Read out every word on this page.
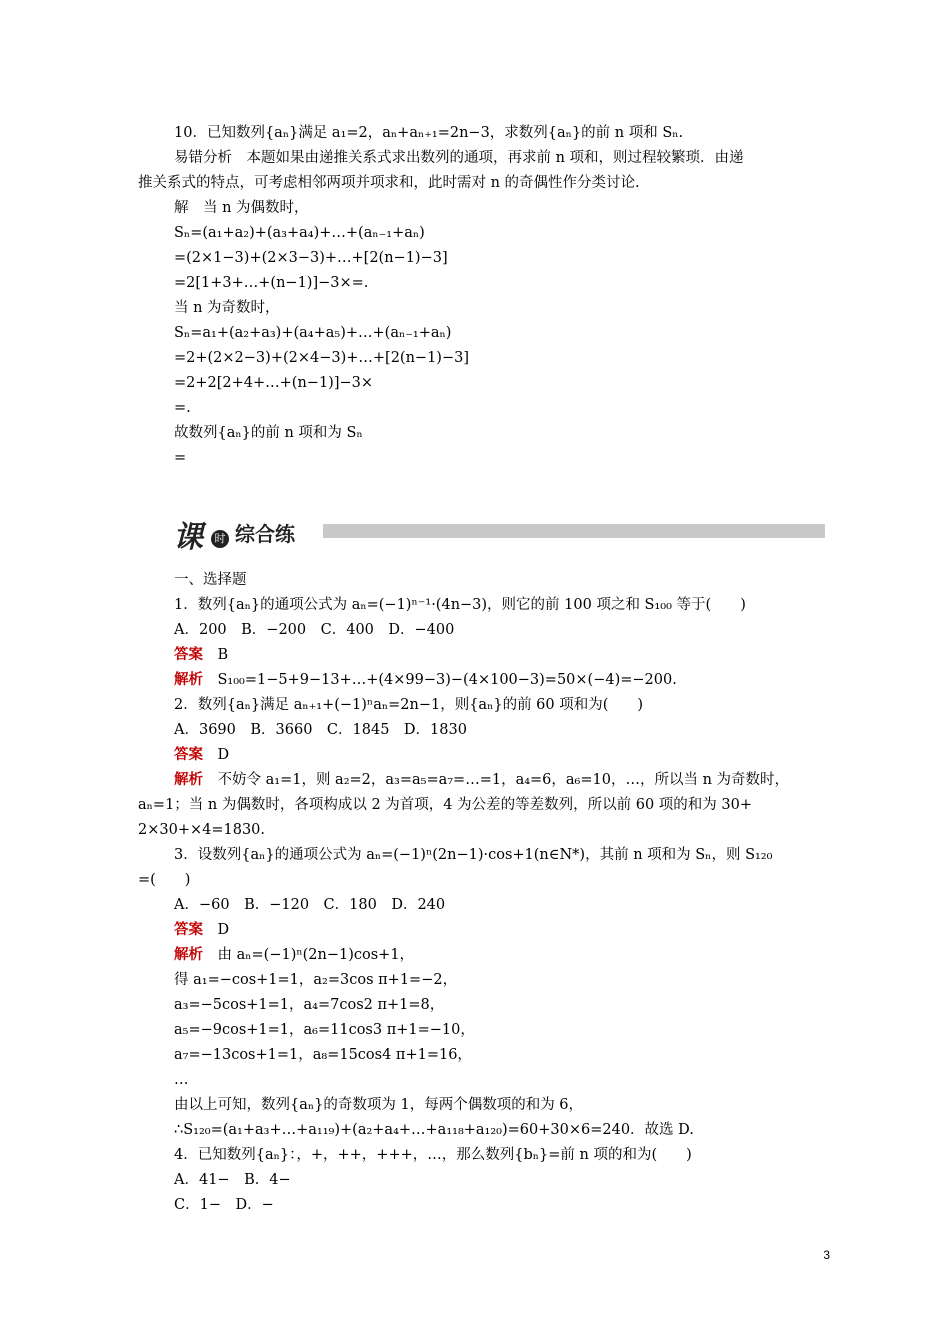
10．已知数列{aₙ}满足 a₁=2，aₙ+aₙ₊₁=2n−3，求数列{aₙ}的前 n 项和 Sₙ.
易错分析　本题如果由递推关系式求出数列的通项，再求前 n 项和，则过程较繁琐．由递
推关系式的特点，可考虑相邻两项并项求和，此时需对 n 的奇偶性作分类讨论.
解　当 n 为偶数时，
Sₙ=(a₁+a₂)+(a₃+a₄)+…+(aₙ₋₁+aₙ)
=(2×1−3)+(2×3−3)+…+[2(n−1)−3]
=2[1+3+…+(n−1)]−3×=.
当 n 为奇数时，
Sₙ=a₁+(a₂+a₃)+(a₄+a₅)+…+(aₙ₋₁+aₙ)
=2+(2×2−3)+(2×4−3)+…+[2(n−1)−3]
=2+2[2+4+…+(n−1)]−3×
=.
故数列{aₙ}的前 n 项和为 Sₙ
=
课	时 综合练
一、选择题
1．数列{aₙ}的通项公式为 aₙ=(−1)ⁿ⁻¹·(4n−3)，则它的前 100 项之和 S₁₀₀ 等于(　　)
A．200　B．−200　C．400　D．−400
答案　B
解析　S₁₀₀=1−5+9−13+…+(4×99−3)−(4×100−3)=50×(−4)=−200.
2．数列{aₙ}满足 aₙ₊₁+(−1)ⁿaₙ=2n−1，则{aₙ}的前 60 项和为(　　)
A．3690　B．3660　C．1845　D．1830
答案　D
解析　不妨令 a₁=1，则 a₂=2，a₃=a₅=a₇=…=1，a₄=6，a₆=10，…，所以当 n 为奇数时，
aₙ=1；当 n 为偶数时，各项构成以 2 为首项，4 为公差的等差数列，所以前 60 项的和为 30+
2×30+×4=1830.
3．设数列{aₙ}的通项公式为 aₙ=(−1)ⁿ(2n−1)·cos+1(n∈N*)，其前 n 项和为 Sₙ，则 S₁₂₀
=(　　)
A．−60　B．−120　C．180　D．240
答案　D
解析　由 aₙ=(−1)ⁿ(2n−1)cos+1，
得 a₁=−cos+1=1，a₂=3cos π+1=−2，
a₃=−5cos+1=1，a₄=7cos2 π+1=8，
a₅=−9cos+1=1，a₆=11cos3 π+1=−10，
a₇=−13cos+1=1，a₈=15cos4 π+1=16，
…
由以上可知，数列{aₙ}的奇数项为 1，每两个偶数项的和为 6，
∴S₁₂₀=(a₁+a₃+…+a₁₁₉)+(a₂+a₄+…+a₁₁₈+a₁₂₀)=60+30×6=240．故选 D.
4．已知数列{aₙ}：，+，++，+++，…，那么数列{bₙ}=前 n 项的和为(　　)
A．41−　B．4−
C．1−　D．−
3
